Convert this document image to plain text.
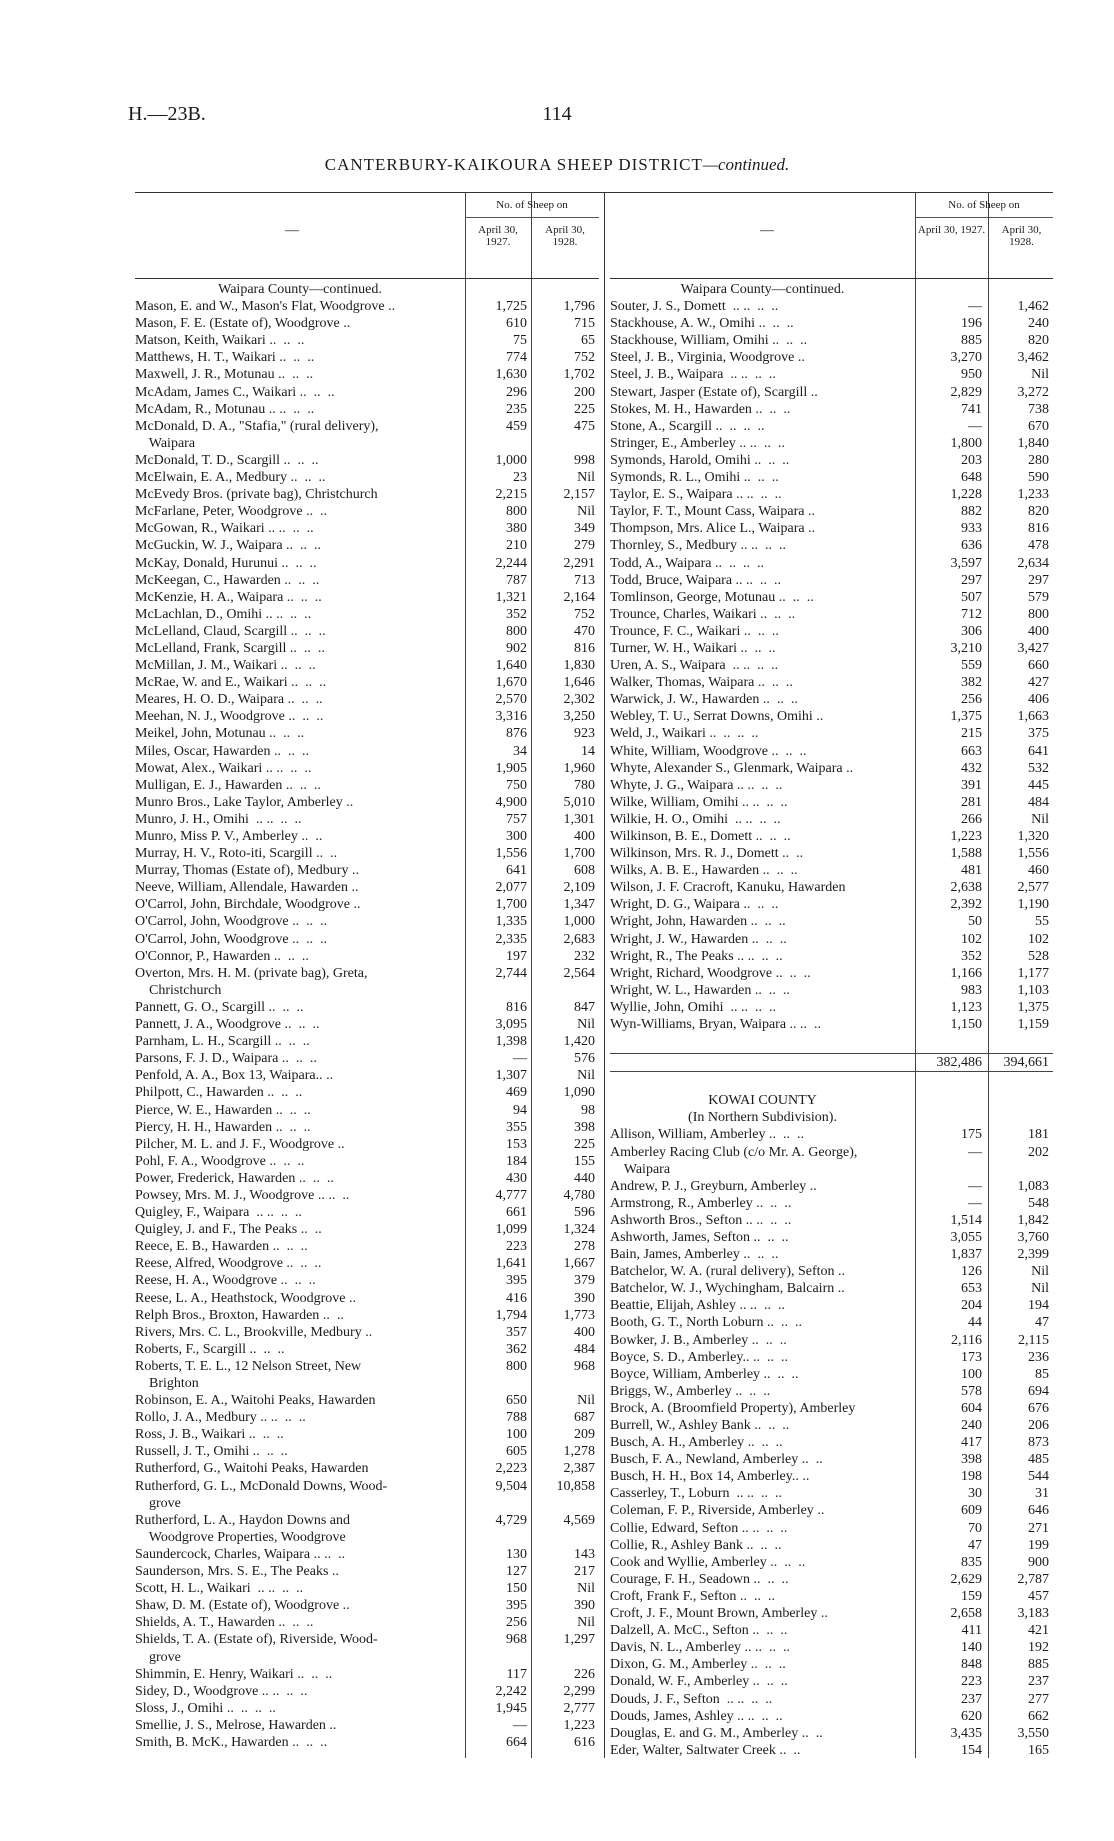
H.—23B.	114
CANTERBURY-KAIKOURA SHEEP DISTRICT—continued.
—
No. of Sheep on
April 30, 1927.
April 30, 1928.
Waipara County—continued.
Mason, E. and W., Mason's Flat, Woodgrove ..	1,725	1,796
Mason, F. E. (Estate of), Woodgrove ..	610	715
Matson, Keith, Waikari ..  ..  ..	75	65
Matthews, H. T., Waikari ..  ..  ..	774	752
Maxwell, J. R., Motunau ..  ..  ..	1,630	1,702
McAdam, James C., Waikari ..  ..  ..	296	200
McAdam, R., Motunau .. ..  ..  ..	235	225
McDonald, D. A., "Stafia," (rural delivery),	459	475
Waipara
McDonald, T. D., Scargill ..  ..  ..	1,000	998
McElwain, E. A., Medbury ..  ..  ..	23	Nil
McEvedy Bros. (private bag), Christchurch	2,215	2,157
McFarlane, Peter, Woodgrove ..  ..	800	Nil
McGowan, R., Waikari .. ..  ..  ..	380	349
McGuckin, W. J., Waipara ..  ..  ..	210	279
McKay, Donald, Hurunui ..  ..  ..	2,244	2,291
McKeegan, C., Hawarden ..  ..  ..	787	713
McKenzie, H. A., Waipara ..  ..  ..	1,321	2,164
McLachlan, D., Omihi .. ..  ..  ..	352	752
McLelland, Claud, Scargill ..  ..  ..	800	470
McLelland, Frank, Scargill ..  ..  ..	902	816
McMillan, J. M., Waikari ..  ..  ..	1,640	1,830
McRae, W. and E., Waikari ..  ..  ..	1,670	1,646
Meares, H. O. D., Waipara ..  ..  ..	2,570	2,302
Meehan, N. J., Woodgrove ..  ..  ..	3,316	3,250
Meikel, John, Motunau ..  ..  ..	876	923
Miles, Oscar, Hawarden ..  ..  ..	34	14
Mowat, Alex., Waikari .. ..  ..  ..	1,905	1,960
Mulligan, E. J., Hawarden ..  ..  ..	750	780
Munro Bros., Lake Taylor, Amberley ..	4,900	5,010
Munro, J. H., Omihi  .. ..  ..  ..	757	1,301
Munro, Miss P. V., Amberley ..  ..	300	400
Murray, H. V., Roto-iti, Scargill ..  ..	1,556	1,700
Murray, Thomas (Estate of), Medbury ..	641	608
Neeve, William, Allendale, Hawarden ..	2,077	2,109
O'Carrol, John, Birchdale, Woodgrove ..	1,700	1,347
O'Carrol, John, Woodgrove ..  ..  ..	1,335	1,000
O'Carrol, John, Woodgrove ..  ..  ..	2,335	2,683
O'Connor, P., Hawarden ..  ..  ..	197	232
Overton, Mrs. H. M. (private bag), Greta,	2,744	2,564
Christchurch
Pannett, G. O., Scargill ..  ..  ..	816	847
Pannett, J. A., Woodgrove ..  ..  ..	3,095	Nil
Parnham, L. H., Scargill ..  ..  ..	1,398	1,420
Parsons, F. J. D., Waipara ..  ..  ..	—	576
Penfold, A. A., Box 13, Waipara.. ..	1,307	Nil
Philpott, C., Hawarden ..  ..  ..	469	1,090
Pierce, W. E., Hawarden ..  ..  ..	94	98
Piercy, H. H., Hawarden ..  ..  ..	355	398
Pilcher, M. L. and J. F., Woodgrove ..	153	225
Pohl, F. A., Woodgrove ..  ..  ..	184	155
Power, Frederick, Hawarden ..  ..  ..	430	440
Powsey, Mrs. M. J., Woodgrove .. ..  ..	4,777	4,780
Quigley, F., Waipara  .. ..  ..  ..	661	596
Quigley, J. and F., The Peaks ..  ..	1,099	1,324
Reece, E. B., Hawarden ..  ..  ..	223	278
Reese, Alfred, Woodgrove ..  ..  ..	1,641	1,667
Reese, H. A., Woodgrove ..  ..  ..	395	379
Reese, L. A., Heathstock, Woodgrove ..	416	390
Relph Bros., Broxton, Hawarden ..  ..	1,794	1,773
Rivers, Mrs. C. L., Brookville, Medbury ..	357	400
Roberts, F., Scargill ..  ..  ..	362	484
Roberts, T. E. L., 12 Nelson Street, New	800	968
Brighton
Robinson, E. A., Waitohi Peaks, Hawarden	650	Nil
Rollo, J. A., Medbury .. ..  ..  ..	788	687
Ross, J. B., Waikari ..  ..  ..	100	209
Russell, J. T., Omihi ..  ..  ..	605	1,278
Rutherford, G., Waitohi Peaks, Hawarden	2,223	2,387
Rutherford, G. L., McDonald Downs, Wood-	9,504	10,858
grove
Rutherford, L. A., Haydon Downs and	4,729	4,569
Woodgrove Properties, Woodgrove
Saundercock, Charles, Waipara .. ..  ..	130	143
Saunderson, Mrs. S. E., The Peaks ..	127	217
Scott, H. L., Waikari  .. ..  ..  ..	150	Nil
Shaw, D. M. (Estate of), Woodgrove ..	395	390
Shields, A. T., Hawarden ..  ..  ..	256	Nil
Shields, T. A. (Estate of), Riverside, Wood-	968	1,297
grove
Shimmin, E. Henry, Waikari ..  ..  ..	117	226
Sidey, D., Woodgrove .. ..  ..  ..	2,242	2,299
Sloss, J., Omihi ..  ..  ..  ..	1,945	2,777
Smellie, J. S., Melrose, Hawarden ..	—	1,223
Smith, B. McK., Hawarden ..  ..  ..	664	616
—
No. of Sheep on
April 30, 1927.	April 30, 1928.
Waipara County—continued.
Souter, J. S., Domett  .. ..  ..  ..	—	1,462
Stackhouse, A. W., Omihi ..  ..  ..	196	240
Stackhouse, William, Omihi ..  ..  ..	885	820
Steel, J. B., Virginia, Woodgrove ..	3,270	3,462
Steel, J. B., Waipara  .. ..  ..  ..	950	Nil
Stewart, Jasper (Estate of), Scargill ..	2,829	3,272
Stokes, M. H., Hawarden ..  ..  ..	741	738
Stone, A., Scargill ..  ..  ..  ..	—	670
Stringer, E., Amberley .. ..  ..  ..	1,800	1,840
Symonds, Harold, Omihi ..  ..  ..	203	280
Symonds, R. L., Omihi ..  ..  ..	648	590
Taylor, E. S., Waipara .. ..  ..  ..	1,228	1,233
Taylor, F. T., Mount Cass, Waipara ..	882	820
Thompson, Mrs. Alice L., Waipara ..	933	816
Thornley, S., Medbury .. ..  ..  ..	636	478
Todd, A., Waipara ..  ..  ..  ..	3,597	2,634
Todd, Bruce, Waipara .. ..  ..  ..	297	297
Tomlinson, George, Motunau ..  ..  ..	507	579
Trounce, Charles, Waikari ..  ..  ..	712	800
Trounce, F. C., Waikari ..  ..  ..	306	400
Turner, W. H., Waikari ..  ..  ..	3,210	3,427
Uren, A. S., Waipara  .. ..  ..  ..	559	660
Walker, Thomas, Waipara ..  ..  ..	382	427
Warwick, J. W., Hawarden ..  ..  ..	256	406
Webley, T. U., Serrat Downs, Omihi ..	1,375	1,663
Weld, J., Waikari ..  ..  ..  ..	215	375
White, William, Woodgrove ..  ..  ..	663	641
Whyte, Alexander S., Glenmark, Waipara ..	432	532
Whyte, J. G., Waipara .. ..  ..  ..	391	445
Wilke, William, Omihi .. ..  ..  ..	281	484
Wilkie, H. O., Omihi  .. ..  ..  ..	266	Nil
Wilkinson, B. E., Domett ..  ..  ..	1,223	1,320
Wilkinson, Mrs. R. J., Domett ..  ..	1,588	1,556
Wilks, A. B. E., Hawarden ..  ..  ..	481	460
Wilson, J. F. Cracroft, Kanuku, Hawarden	2,638	2,577
Wright, D. G., Waipara ..  ..  ..	2,392	1,190
Wright, John, Hawarden ..  ..  ..	50	55
Wright, J. W., Hawarden ..  ..  ..	102	102
Wright, R., The Peaks .. ..  ..  ..	352	528
Wright, Richard, Woodgrove ..  ..  ..	1,166	1,177
Wright, W. L., Hawarden ..  ..  ..	983	1,103
Wyllie, John, Omihi  .. ..  ..  ..	1,123	1,375
Wyn-Williams, Bryan, Waipara .. ..  ..	1,150	1,159
382,486	394,661
KOWAI COUNTY
(In Northern Subdivision).
Allison, William, Amberley ..  ..  ..	175	181
Amberley Racing Club (c/o Mr. A. George),	—	202
Waipara
Andrew, P. J., Greyburn, Amberley ..	—	1,083
Armstrong, R., Amberley ..  ..  ..	—	548
Ashworth Bros., Sefton .. ..  ..  ..	1,514	1,842
Ashworth, James, Sefton ..  ..  ..	3,055	3,760
Bain, James, Amberley ..  ..  ..	1,837	2,399
Batchelor, W. A. (rural delivery), Sefton ..	126	Nil
Batchelor, W. J., Wychingham, Balcairn ..	653	Nil
Beattie, Elijah, Ashley .. ..  ..  ..	204	194
Booth, G. T., North Loburn ..  ..  ..	44	47
Bowker, J. B., Amberley ..  ..  ..	2,116	2,115
Boyce, S. D., Amberley.. ..  ..  ..	173	236
Boyce, William, Amberley ..  ..  ..	100	85
Briggs, W., Amberley ..  ..  ..	578	694
Brock, A. (Broomfield Property), Amberley	604	676
Burrell, W., Ashley Bank ..  ..  ..	240	206
Busch, A. H., Amberley ..  ..  ..	417	873
Busch, F. A., Newland, Amberley ..  ..	398	485
Busch, H. H., Box 14, Amberley.. ..	198	544
Casserley, T., Loburn  .. ..  ..  ..	30	31
Coleman, F. P., Riverside, Amberley ..	609	646
Collie, Edward, Sefton .. ..  ..  ..	70	271
Collie, R., Ashley Bank ..  ..  ..	47	199
Cook and Wyllie, Amberley ..  ..  ..	835	900
Courage, F. H., Seadown ..  ..  ..	2,629	2,787
Croft, Frank F., Sefton ..  ..  ..	159	457
Croft, J. F., Mount Brown, Amberley ..	2,658	3,183
Dalzell, A. McC., Sefton ..  ..  ..	411	421
Davis, N. L., Amberley .. ..  ..  ..	140	192
Dixon, G. M., Amberley ..  ..  ..	848	885
Donald, W. F., Amberley ..  ..  ..	223	237
Douds, J. F., Sefton  .. ..  ..  ..	237	277
Douds, James, Ashley .. ..  ..  ..	620	662
Douglas, E. and G. M., Amberley ..  ..	3,435	3,550
Eder, Walter, Saltwater Creek ..  ..	154	165
